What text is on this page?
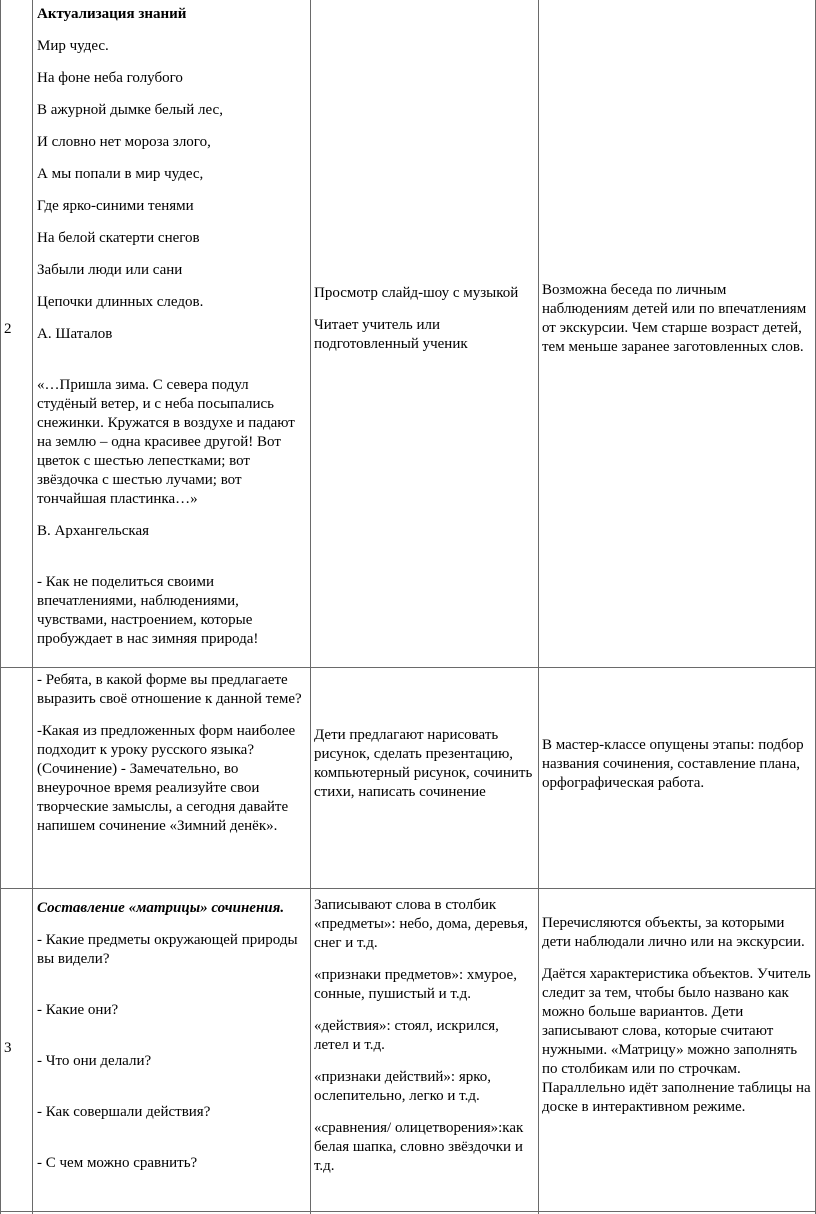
2

Актуализация знаний

Мир чудес.

На фоне неба голубого

В ажурной дымке белый лес,

И словно нет мороза злого,

А мы попали в мир чудес,

Где ярко-синими тенями

На белой скатерти снегов

Забыли люди или сани

Цепочки длинных следов.

А. Шаталов

«…Пришла зима. С севера подул студёный ветер, и с неба посыпались снежинки. Кружатся в воздухе и падают на землю – одна красивее другой! Вот цветок с шестью лепестками; вот звёздочка с шестью лучами; вот тончайшая пластинка…»

В. Архангельская

- Как не поделиться своими впечатлениями, наблюдениями, чувствами, настроением, которые пробуждает в нас зимняя природа!

Просмотр слайд-шоу с музыкой

Читает учитель или подготовленный ученик

Возможна беседа по личным наблюдениям детей или по впечатлениям от экскурсии. Чем старше возраст детей, тем меньше заранее заготовленных слов.

- Ребята, в какой форме вы предлагаете выразить своё отношение к данной теме?

-Какая из предложенных форм наиболее подходит к уроку русского языка? (Сочинение) - Замечательно, во внеурочное время реализуйте свои творческие замыслы, а сегодня давайте напишем сочинение «Зимний денёк».

Дети предлагают нарисовать рисунок, сделать презентацию, компьютерный рисунок, сочинить стихи, написать сочинение

В мастер-классе опущены этапы: подбор названия сочинения, составление плана, орфографическая работа.

3

Составление «матрицы» сочинения.

- Какие предметы окружающей природы вы видели?

- Какие они?

- Что они делали?

- Как совершали действия?

- С чем можно сравнить?

Записывают слова в столбик «предметы»: небо, дома, деревья, снег и т.д.

«признаки предметов»: хмурое, сонные, пушистый и т.д.

«действия»: стоял, искрился, летел и т.д.

«признаки действий»: ярко, ослепительно, легко и т.д.

«сравнения/ олицетворения»:как белая шапка, словно звёздочки и т.д.

Перечисляются объекты, за которыми дети наблюдали лично или на экскурсии.

Даётся характеристика объектов. Учитель следит за тем, чтобы было названо как можно больше вариантов. Дети записывают слова, которые считают нужными. «Матрицу» можно заполнять по столбикам или по строчкам. Параллельно идёт заполнение таблицы на доске в интерактивном режиме.
